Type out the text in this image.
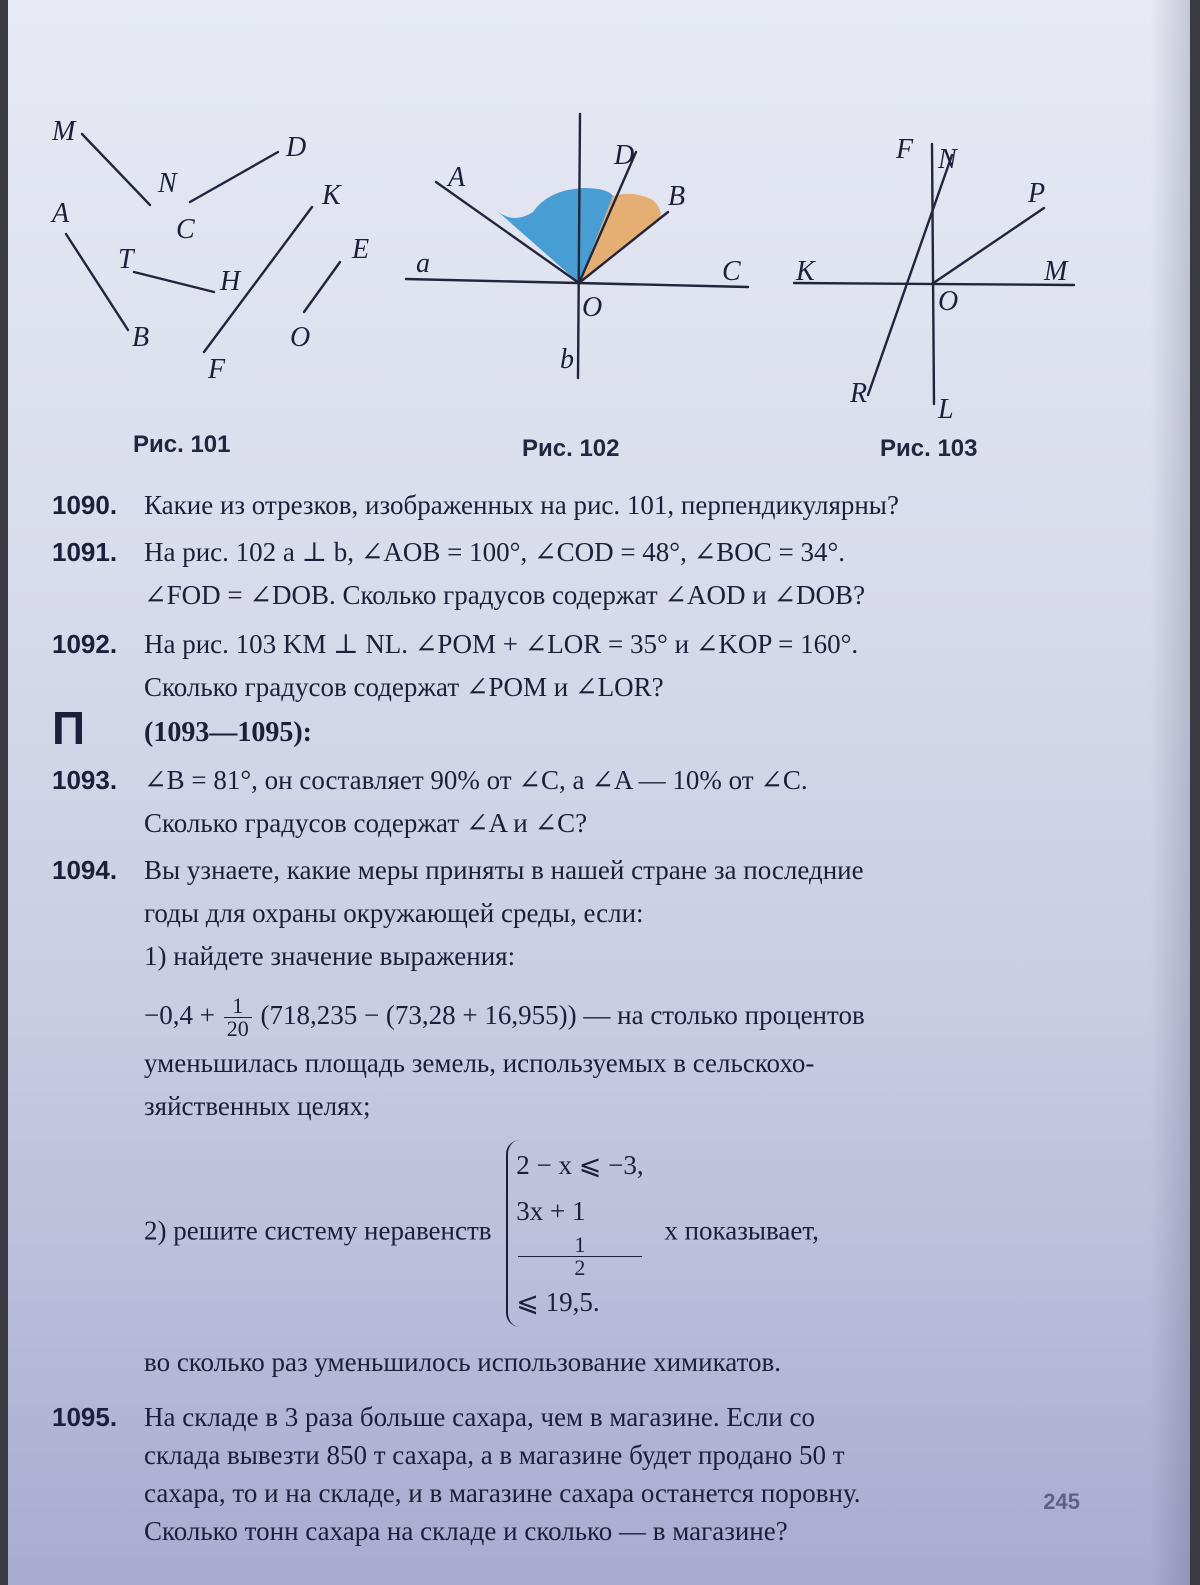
M
N
D
C
K
A
T
H
E
B
F
O
Рис. 101
A
D
B
a	C
O
b
Рис. 102
F N
P
K	M
O
R
L
Рис. 103
1090. Какие из отрезков, изображенных на рис. 101, перпендикулярны?
1091. На рис. 102 a ⊥ b, ∠AOB = 100°, ∠COD = 48°, ∠BOC = 34°.
∠FOD = ∠DOB. Сколько градусов содержат ∠AOD и ∠DOB?
1092. На рис. 103 KM ⊥ NL. ∠POM + ∠LOR = 35° и ∠KOP = 160°.
Сколько градусов содержат ∠POM и ∠LOR?
П (1093—1095):
1093. ∠B = 81°, он составляет 90% от ∠C, а ∠A — 10% от ∠C.
Сколько градусов содержат ∠A и ∠C?
1094. Вы узнаете, какие меры приняты в нашей стране за последние
годы для охраны окружающей среды, если:
1) найдете значение выражения:
$-0,4 + \frac{1}{20} (718,235 - (73,28 + 16,955))$ — на столько процентов
уменьшилась площадь земель, используемых в сельскохо-
зяйственных целях;
2) решите систему неравенств
2 − x ⩽ −3,
3x + 1
1
2
⩽ 19,5.
x показывает,
во сколько раз уменьшилось использование химикатов.
1095. На складе в 3 раза больше сахара, чем в магазине. Если со
склада вывезти 850 т сахара, а в магазине будет продано 50 т
сахара, то и на складе, и в магазине сахара останется поровну.
Сколько тонн сахара на складе и сколько — в магазине?
245
